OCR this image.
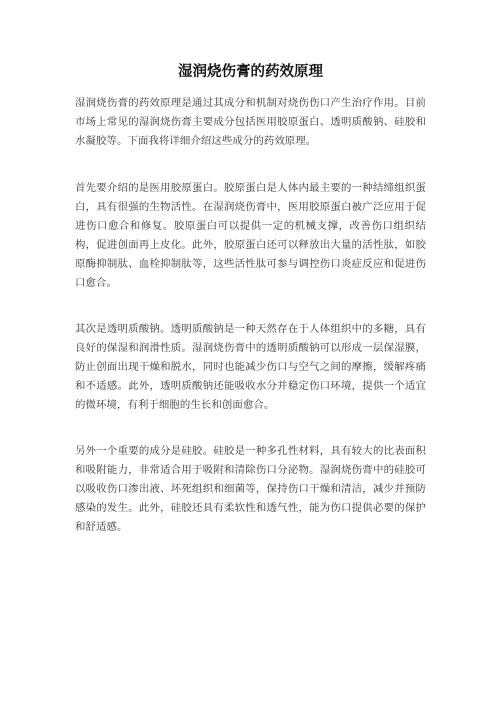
湿润烧伤膏的药效原理

湿润烧伤膏的药效原理是通过其成分和机制对烧伤伤口产生治疗作用。目前市场上常见的湿润烧伤膏主要成分包括医用胶原蛋白、透明质酸钠、硅胶和水凝胶等。下面我将详细介绍这些成分的药效原理。

首先要介绍的是医用胶原蛋白。胶原蛋白是人体内最主要的一种结缔组织蛋白，具有很强的生物活性。在湿润烧伤膏中，医用胶原蛋白被广泛应用于促进伤口愈合和修复。胶原蛋白可以提供一定的机械支撑，改善伤口组织结构，促进创面再上皮化。此外，胶原蛋白还可以释放出大量的活性肽，如胶原酶抑制肽、血栓抑制肽等，这些活性肽可参与调控伤口炎症反应和促进伤口愈合。

其次是透明质酸钠。透明质酸钠是一种天然存在于人体组织中的多糖，具有良好的保湿和润滑性质。湿润烧伤膏中的透明质酸钠可以形成一层保湿膜，防止创面出现干燥和脱水，同时也能减少伤口与空气之间的摩擦，缓解疼痛和不适感。此外，透明质酸钠还能吸收水分并稳定伤口环境，提供一个适宜的微环境，有利于细胞的生长和创面愈合。

另外一个重要的成分是硅胶。硅胶是一种多孔性材料，具有较大的比表面积和吸附能力，非常适合用于吸附和清除伤口分泌物。湿润烧伤膏中的硅胶可以吸收伤口渗出液、坏死组织和细菌等，保持伤口干燥和清洁，减少并预防感染的发生。此外，硅胶还具有柔软性和透气性，能为伤口提供必要的保护和舒适感。
